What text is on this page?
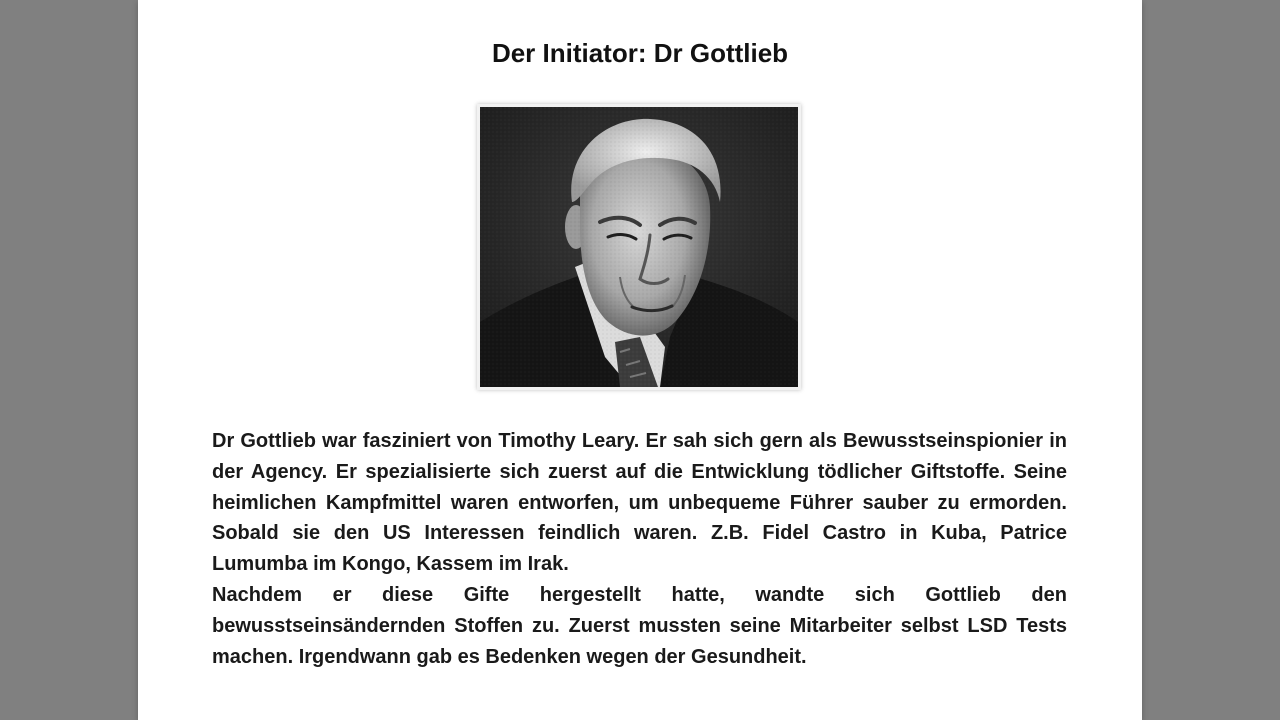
Der Initiator: Dr Gottlieb

Dr Gottlieb war fasziniert von Timothy Leary. Er sah sich gern als Bewusstseinspionier in der Agency. Er spezialisierte sich zuerst auf die Entwicklung tödlicher Giftstoffe. Seine heimlichen Kampfmittel waren entworfen, um unbequeme Führer sauber zu ermorden. Sobald sie den US Interessen feindlich waren. Z.B. Fidel Castro in Kuba, Patrice Lumumba im Kongo, Kassem im Irak.

Nachdem er diese Gifte hergestellt hatte, wandte sich Gottlieb den bewusstseinsändernden Stoffen zu. Zuerst mussten seine Mitarbeiter selbst LSD Tests machen. Irgendwann gab es Bedenken wegen der Gesundheit.
